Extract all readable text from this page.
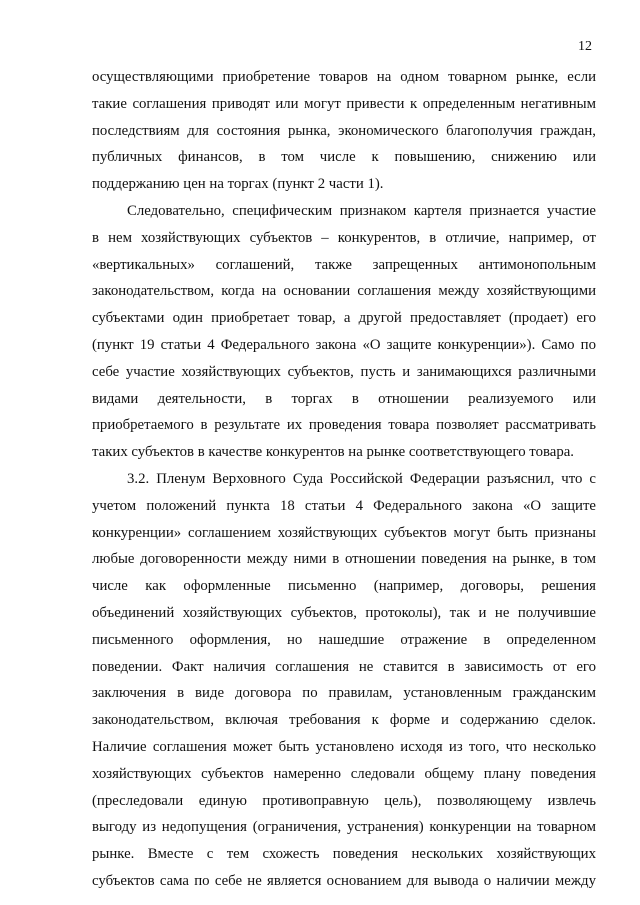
12
осуществляющими приобретение товаров на одном товарном рынке, если
такие соглашения приводят или могут привести к определенным негативным
последствиям для состояния рынка, экономического благополучия граждан,
публичных финансов, в том числе к повышению, снижению или
поддержанию цен на торгах (пункт 2 части 1).
Следовательно, специфическим признаком картеля признается участие
в нем хозяйствующих субъектов – конкурентов, в отличие, например, от
«вертикальных» соглашений, также запрещенных антимонопольным
законодательством, когда на основании соглашения между хозяйствующими
субъектами один приобретает товар, а другой предоставляет (продает) его
(пункт 19 статьи 4 Федерального закона «О защите конкуренции»). Само по
себе участие хозяйствующих субъектов, пусть и занимающихся различными
видами деятельности, в торгах в отношении реализуемого или
приобретаемого в результате их проведения товара позволяет рассматривать
таких субъектов в качестве конкурентов на рынке соответствующего товара.
3.2. Пленум Верховного Суда Российской Федерации разъяснил, что с
учетом положений пункта 18 статьи 4 Федерального закона «О защите
конкуренции» соглашением хозяйствующих субъектов могут быть признаны
любые договоренности между ними в отношении поведения на рынке, в том
числе как оформленные письменно (например, договоры, решения
объединений хозяйствующих субъектов, протоколы), так и не получившие
письменного оформления, но нашедшие отражение в определенном
поведении. Факт наличия соглашения не ставится в зависимость от его
заключения в виде договора по правилам, установленным гражданским
законодательством, включая требования к форме и содержанию сделок.
Наличие соглашения может быть установлено исходя из того, что несколько
хозяйствующих субъектов намеренно следовали общему плану поведения
(преследовали единую противоправную цель), позволяющему извлечь
выгоду из недопущения (ограничения, устранения) конкуренции на товарном
рынке. Вместе с тем схожесть поведения нескольких хозяйствующих
субъектов сама по себе не является основанием для вывода о наличии между
